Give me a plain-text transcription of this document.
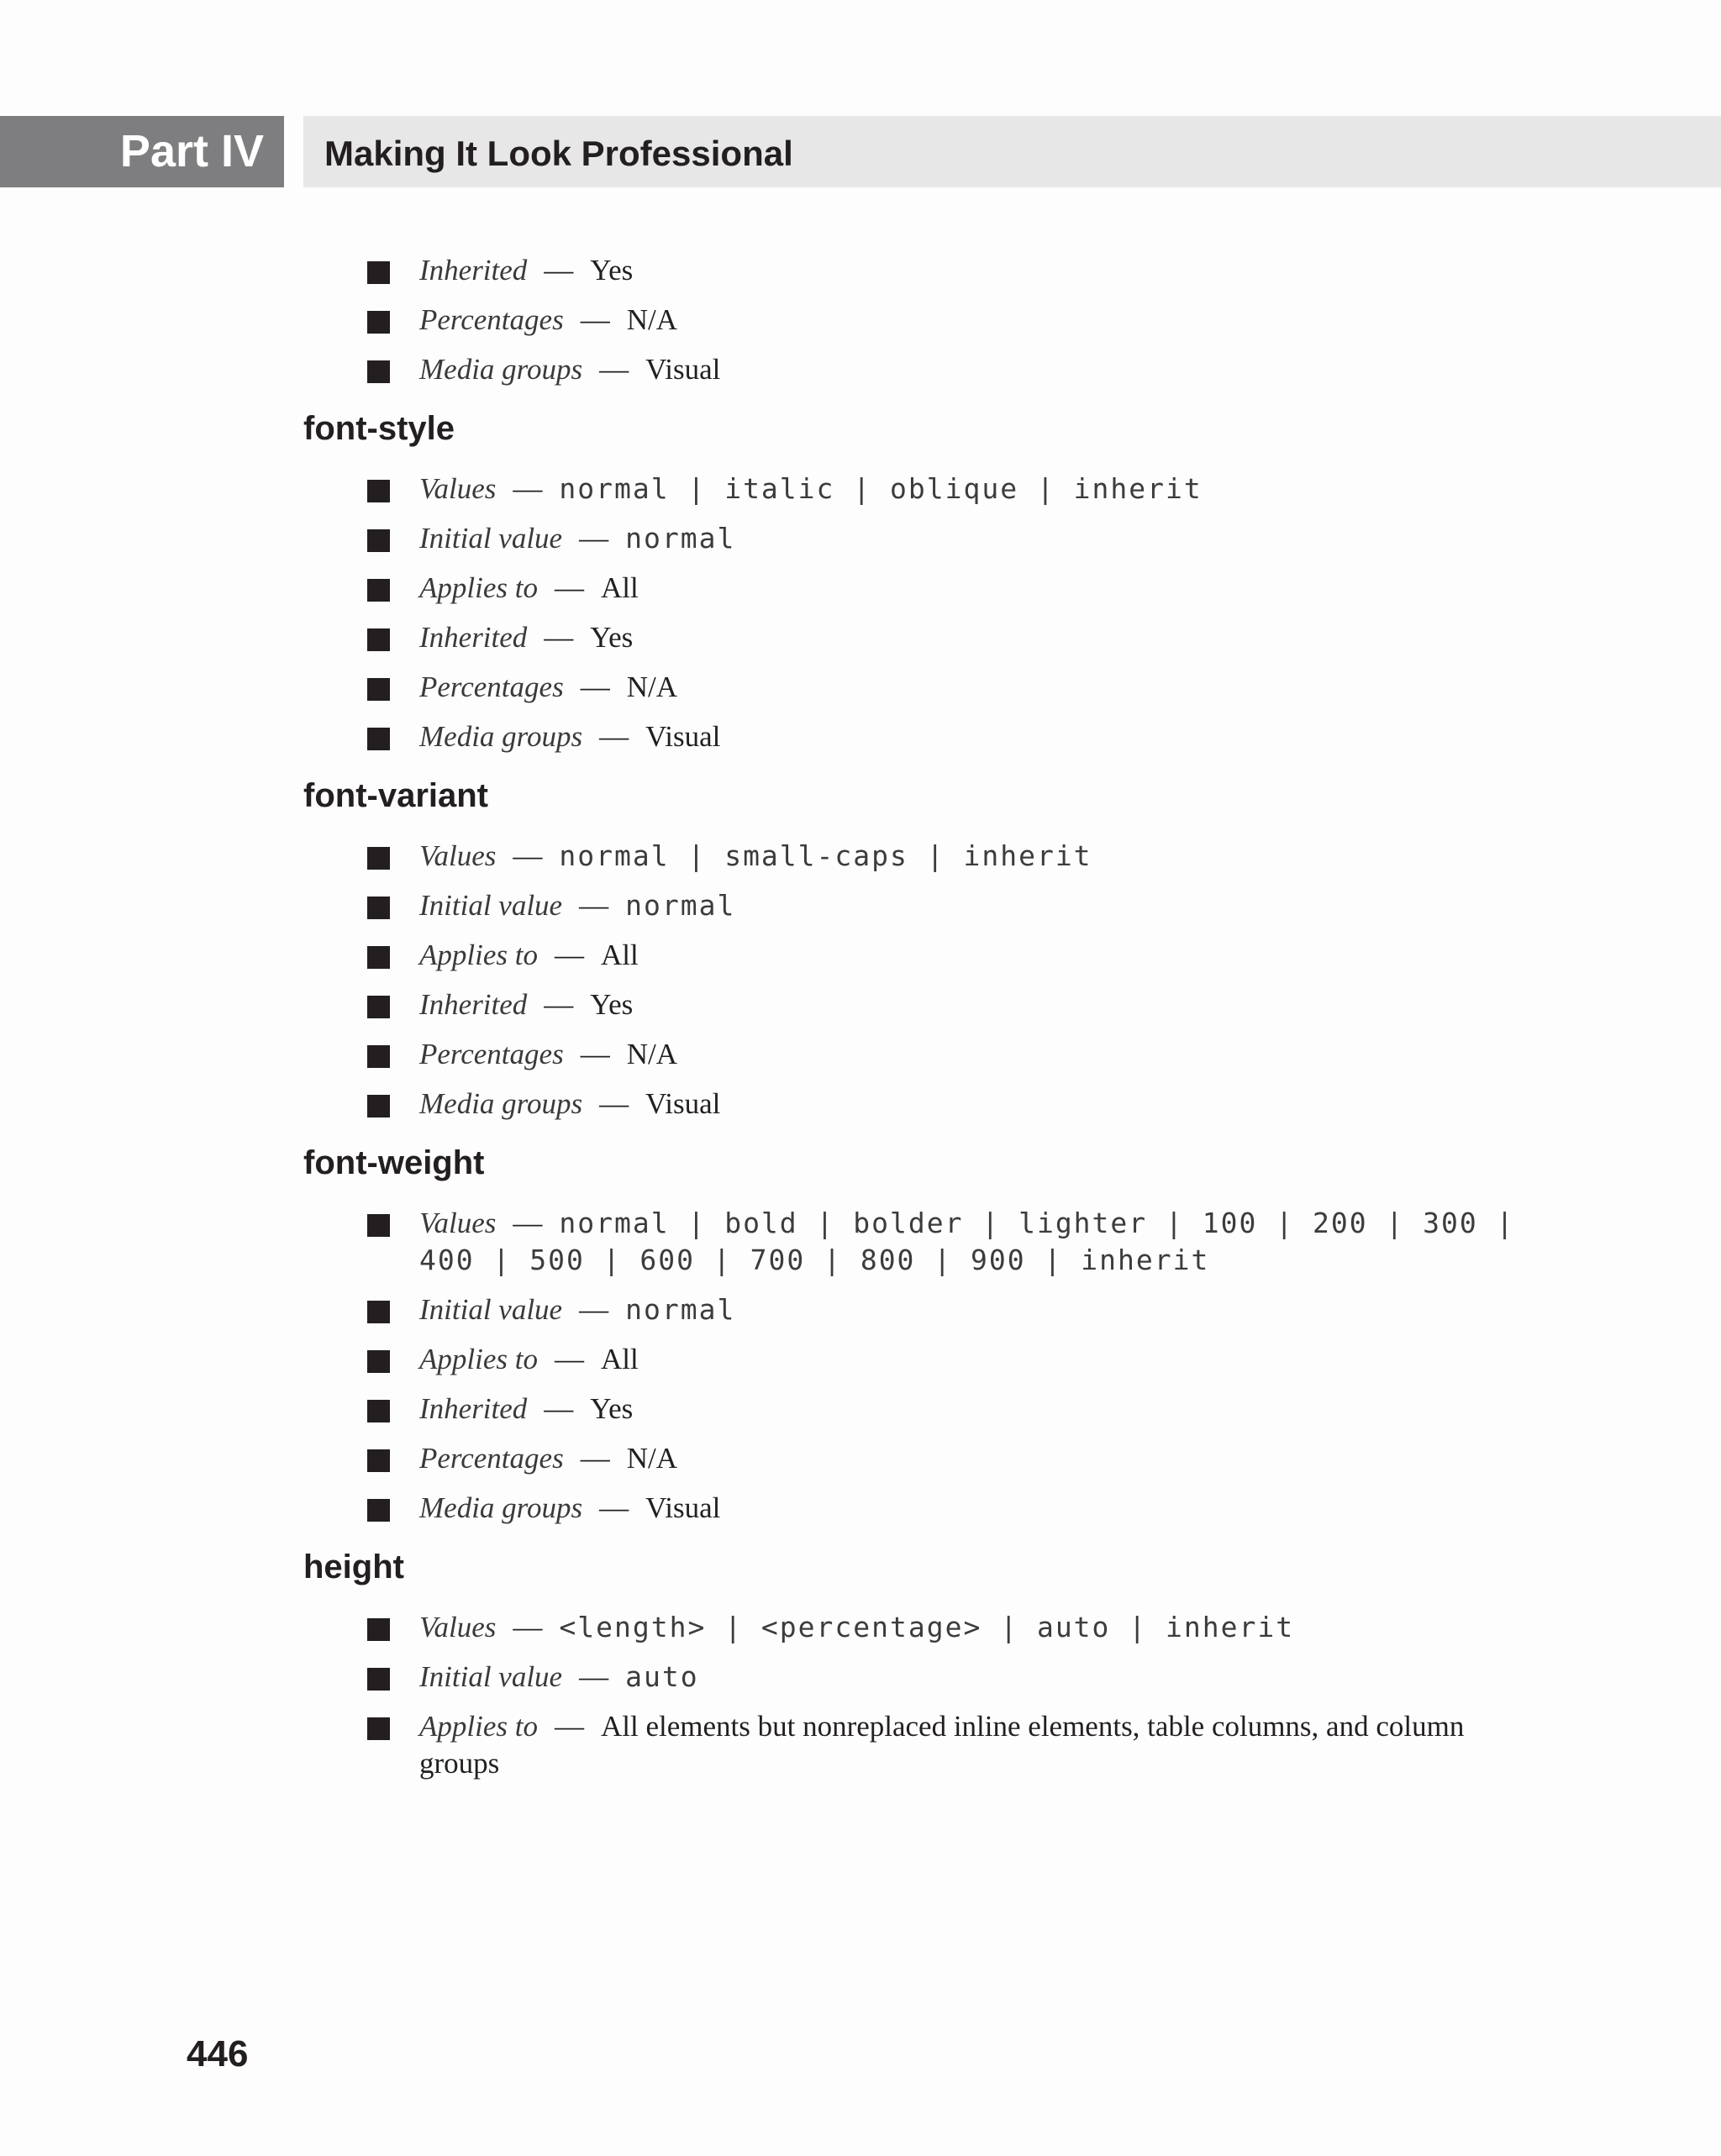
Part IV	Making It Look Professional
Inherited — Yes
Percentages — N/A
Media groups — Visual
font-style
Values — normal | italic | oblique | inherit
Initial value — normal
Applies to — All
Inherited — Yes
Percentages — N/A
Media groups — Visual
font-variant
Values — normal | small-caps | inherit
Initial value — normal
Applies to — All
Inherited — Yes
Percentages — N/A
Media groups — Visual
font-weight
Values — normal | bold | bolder | lighter | 100 | 200 | 300 | 400 | 500 | 600 | 700 | 800 | 900 | inherit
Initial value — normal
Applies to — All
Inherited — Yes
Percentages — N/A
Media groups — Visual
height
Values — <length> | <percentage> | auto | inherit
Initial value — auto
Applies to — All elements but nonreplaced inline elements, table columns, and column groups
446
